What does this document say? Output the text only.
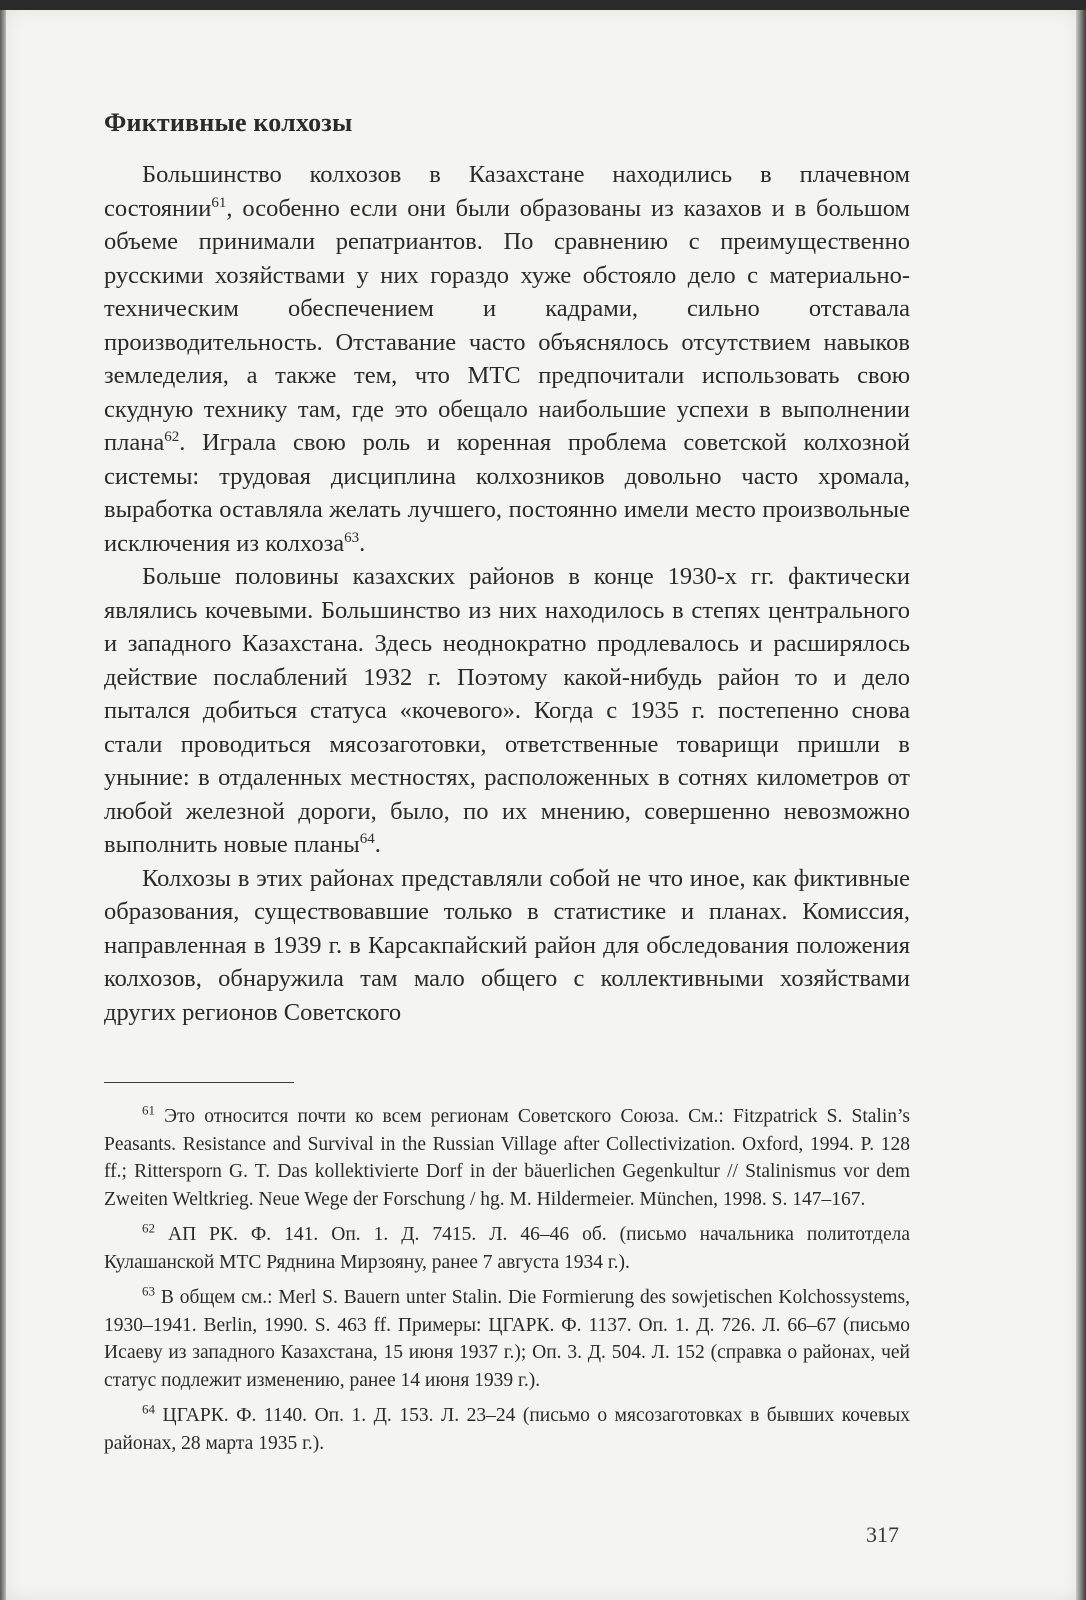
Фиктивные колхозы

Большинство колхозов в Казахстане находились в плачевном состоянии$^{61}$, особенно если они были образованы из казахов и в большом объеме принимали репатриантов. По сравнению с преимущественно русскими хозяйствами у них гораздо хуже обстояло дело с материально-техническим обеспечением и кадрами, сильно отставала производительность. Отставание часто объяснялось отсутствием навыков земледелия, а также тем, что МТС предпочитали использовать свою скудную технику там, где это обещало наибольшие успехи в выполнении плана$^{62}$. Играла свою роль и коренная проблема советской колхозной системы: трудовая дисциплина колхозников довольно часто хромала, выработка оставляла желать лучшего, постоянно имели место произвольные исключения из колхоза$^{63}$.

Больше половины казахских районов в конце 1930-х гг. фактически являлись кочевыми. Большинство из них находилось в степях центрального и западного Казахстана. Здесь неоднократно продлевалось и расширялось действие послаблений 1932 г. Поэтому какой-нибудь район то и дело пытался добиться статуса «кочевого». Когда с 1935 г. постепенно снова стали проводиться мясозаготовки, ответственные товарищи пришли в уныние: в отдаленных местностях, расположенных в сотнях километров от любой железной дороги, было, по их мнению, совершенно невозможно выполнить новые планы$^{64}$.

Колхозы в этих районах представляли собой не что иное, как фиктивные образования, существовавшие только в статистике и планах. Комиссия, направленная в 1939 г. в Карсакпайский район для обследования положения колхозов, обнаружила там мало общего с коллективными хозяйствами других регионов Советского

$^{61}$ Это относится почти ко всем регионам Советского Союза. См.: Fitzpatrick S. Stalin’s Peasants. Resistance and Survival in the Russian Village after Collectivization. Oxford, 1994. P. 128 ff.; Rittersporn G. T. Das kollektivierte Dorf in der bäuerlichen Gegenkultur // Stalinismus vor dem Zweiten Weltkrieg. Neue Wege der Forschung / hg. M. Hildermeier. München, 1998. S. 147–167.

$^{62}$ АП РК. Ф. 141. Оп. 1. Д. 7415. Л. 46–46 об. (письмо начальника политотдела Кулашанской МТС Ряднина Мирзояну, ранее 7 августа 1934 г.).

$^{63}$ В общем см.: Merl S. Bauern unter Stalin. Die Formierung des sowjetischen Kolchossystems, 1930–1941. Berlin, 1990. S. 463 ff. Примеры: ЦГАРК. Ф. 1137. Оп. 1. Д. 726. Л. 66–67 (письмо Исаеву из западного Казахстана, 15 июня 1937 г.); Оп. 3. Д. 504. Л. 152 (справка о районах, чей статус подлежит изменению, ранее 14 июня 1939 г.).

$^{64}$ ЦГАРК. Ф. 1140. Оп. 1. Д. 153. Л. 23–24 (письмо о мясозаготовках в бывших кочевых районах, 28 марта 1935 г.).

317
